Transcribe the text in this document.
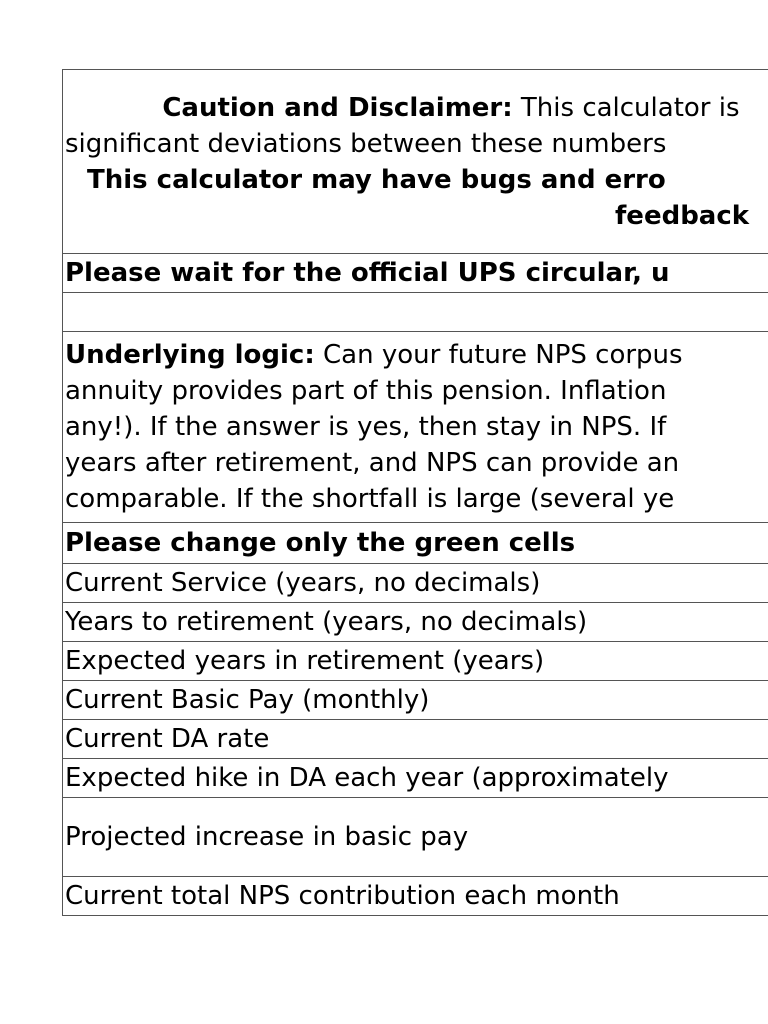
Caution and Disclaimer: This calculator is
significant deviations between these numbers
This calculator may have bugs and erro
feedback

Please wait for the official UPS circular, u

Underlying logic: Can your future NPS corpus
annuity provides part of this pension. Inflation
any!). If the answer is yes, then stay in NPS. If
years after retirement, and NPS can provide an
comparable. If the shortfall is large (several ye

Please change only the green cells
Current Service (years, no decimals)
Years to retirement (years, no decimals)
Expected years in retirement (years)
Current Basic Pay (monthly)
Current DA rate
Expected hike in DA each year (approximately
Projected increase in basic pay
Current total NPS contribution each month
